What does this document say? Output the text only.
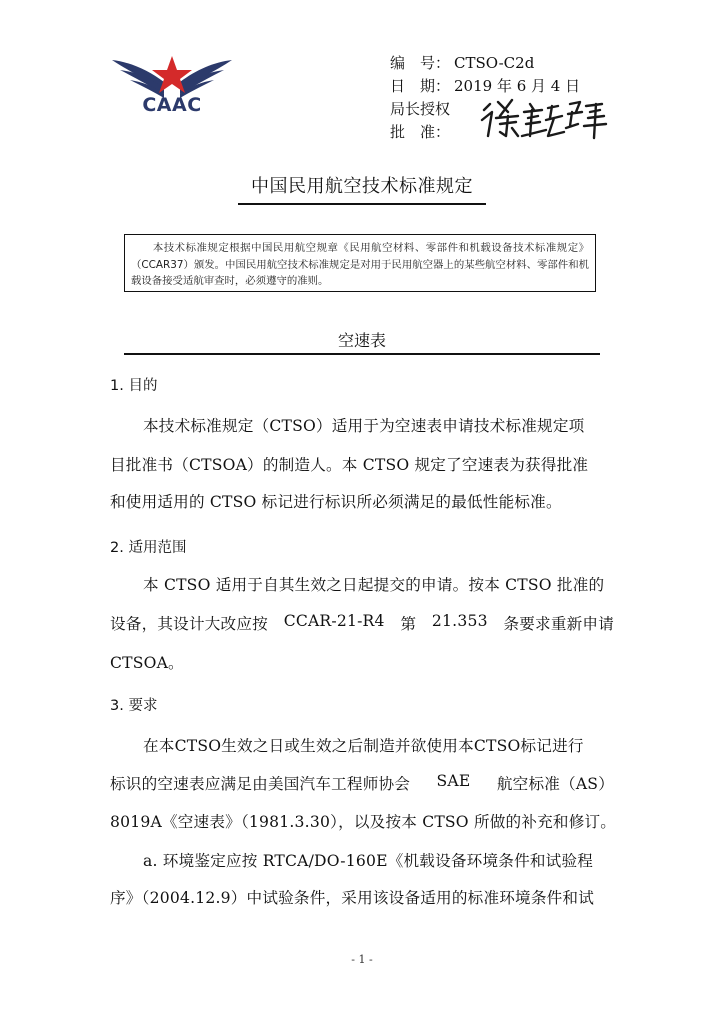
CAAC
编 号： CTSO-C2d
日 期： 2019 年 6 月 4 日
局长授权
批 准：
中国民用航空技术标准规定
本技术标准规定根据中国民用航空规章《民用航空材料、零部件和机载设备技术标准规定》（CCAR37）颁发。中国民用航空技术标准规定是对用于民用航空器上的某些航空材料、零部件和机载设备接受适航审查时，必须遵守的准则。
空速表
1. 目的
本技术标准规定（CTSO）适用于为空速表申请技术标准规定项
目批准书（CTSOA）的制造人。本 CTSO 规定了空速表为获得批准
和使用适用的 CTSO 标记进行标识所必须满足的最低性能标准。
2. 适用范围
本 CTSO 适用于自其生效之日起提交的申请。按本 CTSO 批准的
设备，其设计大改应按 CCAR-21-R4 第 21.353 条要求重新申请
CTSOA。
3. 要求
在本CTSO生效之日或生效之后制造并欲使用本CTSO标记进行
标识的空速表应满足由美国汽车工程师协会 SAE 航空标准（AS）
8019A《空速表》（1981.3.30），以及按本 CTSO 所做的补充和修订。
a. 环境鉴定应按 RTCA/DO-160E《机载设备环境条件和试验程
序》（2004.12.9）中试验条件，采用该设备适用的标准环境条件和试
- 1 -
